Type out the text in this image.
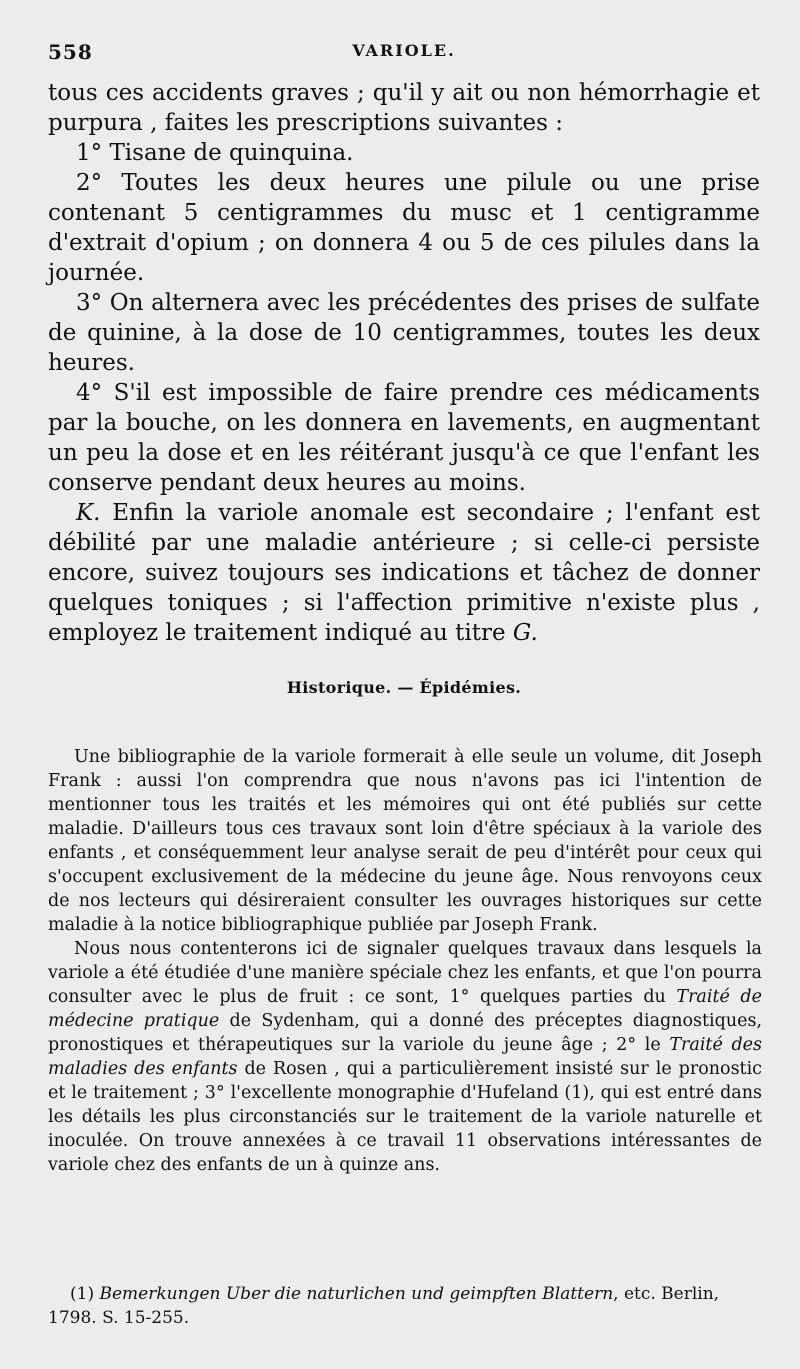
558	VARIOLE.

tous ces accidents graves ; qu'il y ait ou non hémorrhagie et purpura , faites les prescriptions suivantes :

1° Tisane de quinquina.

2° Toutes les deux heures une pilule ou une prise contenant 5 centigrammes du musc et 1 centigramme d'extrait d'opium ; on donnera 4 ou 5 de ces pilules dans la journée.

3° On alternera avec les précédentes des prises de sulfate de quinine, à la dose de 10 centigrammes, toutes les deux heures.

4° S'il est impossible de faire prendre ces médicaments par la bouche, on les donnera en lavements, en augmentant un peu la dose et en les réitérant jusqu'à ce que l'enfant les conserve pendant deux heures au moins.

K. Enfin la variole anomale est secondaire ; l'enfant est débilité par une maladie antérieure ; si celle-ci persiste encore, suivez toujours ses indications et tâchez de donner quelques toniques ; si l'affection primitive n'existe plus , employez le traitement indiqué au titre G.

Historique. — Épidémies.

Une bibliographie de la variole formerait à elle seule un volume, dit Joseph Frank : aussi l'on comprendra que nous n'avons pas ici l'intention de mentionner tous les traités et les mémoires qui ont été publiés sur cette maladie. D'ailleurs tous ces travaux sont loin d'être spéciaux à la variole des enfants , et conséquemment leur analyse serait de peu d'intérêt pour ceux qui s'occupent exclusivement de la médecine du jeune âge. Nous renvoyons ceux de nos lecteurs qui désireraient consulter les ouvrages historiques sur cette maladie à la notice bibliographique publiée par Joseph Frank.

Nous nous contenterons ici de signaler quelques travaux dans lesquels la variole a été étudiée d'une manière spéciale chez les enfants, et que l'on pourra consulter avec le plus de fruit : ce sont, 1° quelques parties du Traité de médecine pratique de Sydenham, qui a donné des préceptes diagnostiques, pronostiques et thérapeutiques sur la variole du jeune âge ; 2° le Traité des maladies des enfants de Rosen , qui a particulièrement insisté sur le pronostic et le traitement ; 3° l'excellente monographie d'Hufeland (1), qui est entré dans les détails les plus circonstanciés sur le traitement de la variole naturelle et inoculée. On trouve annexées à ce travail 11 observations intéressantes de variole chez des enfants de un à quinze ans.

(1) Bemerkungen Uber die naturlichen und geimpften Blattern, etc. Berlin, 1798. S. 15-255.
